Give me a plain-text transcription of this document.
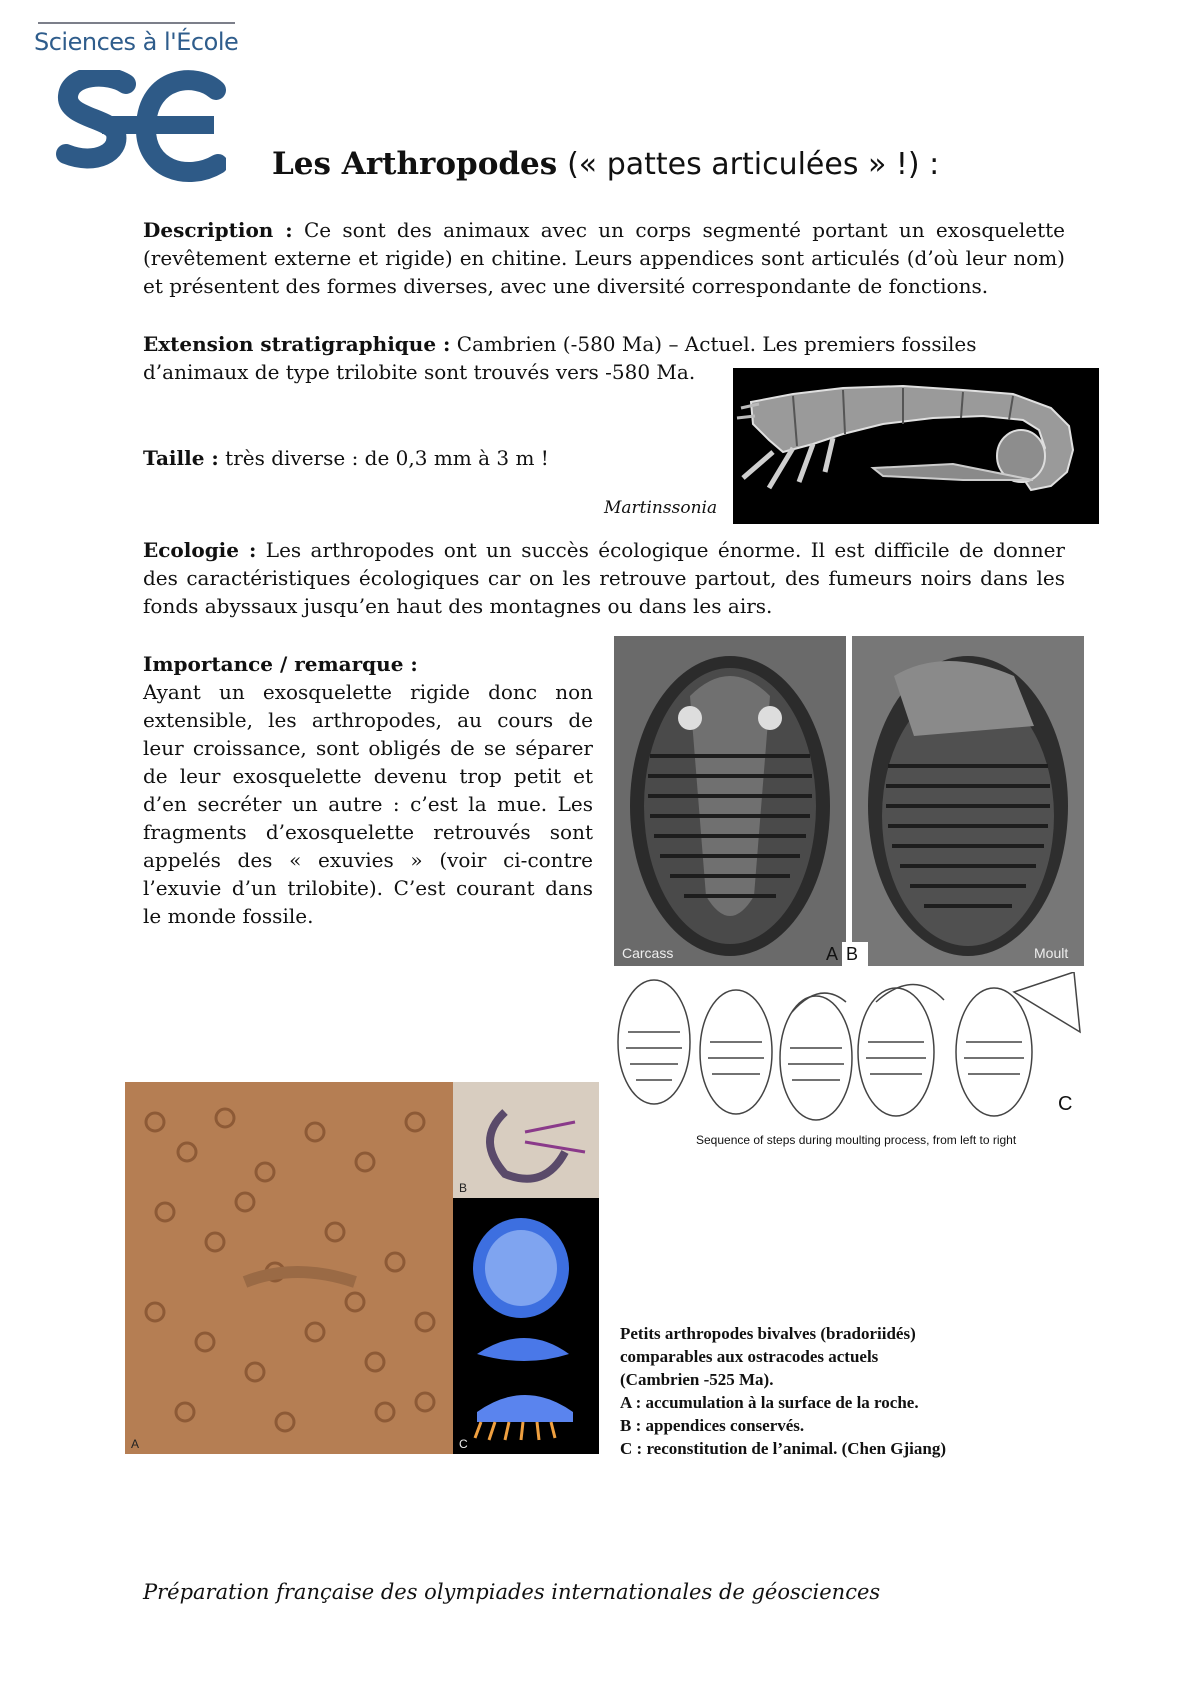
Sciences à l'École
Les Arthropodes (« pattes articulées » !) :
Description : Ce sont des animaux avec un corps segmenté portant un exosquelette (revêtement externe et rigide) en chitine. Leurs appendices sont articulés (d’où leur nom) et présentent des formes diverses, avec une diversité correspondante de fonctions.
Extension stratigraphique : Cambrien (-580 Ma) – Actuel. Les premiers fossiles
d’animaux de type trilobite sont trouvés vers -580 Ma.
Taille : très diverse : de 0,3 mm à 3 m !
Martinssonia
Ecologie : Les arthropodes ont un succès écologique énorme. Il est difficile de donner des caractéristiques écologiques car on les retrouve partout, des fumeurs noirs dans les fonds abyssaux jusqu’en haut des montagnes ou dans les airs.
Importance / remarque :
Ayant un exosquelette rigide donc non extensible, les arthropodes, au cours de leur croissance, sont obligés de se séparer de leur exosquelette devenu trop petit et d’en secréter un autre : c’est la mue. Les fragments d’exosquelette retrouvés sont appelés des « exuvies » (voir ci-contre l’exuvie d’un trilobite). C’est courant dans le monde fossile.
Carcass	A B	Moult
C
Sequence of steps during moulting process, from left to right
A
B
C
Petits arthropodes bivalves (bradoriidés)
comparables aux ostracodes actuels
(Cambrien -525 Ma).
A : accumulation à la surface de la roche.
B : appendices conservés.
C : reconstitution de l’animal. (Chen Gjiang)
Préparation française des olympiades internationales de géosciences
